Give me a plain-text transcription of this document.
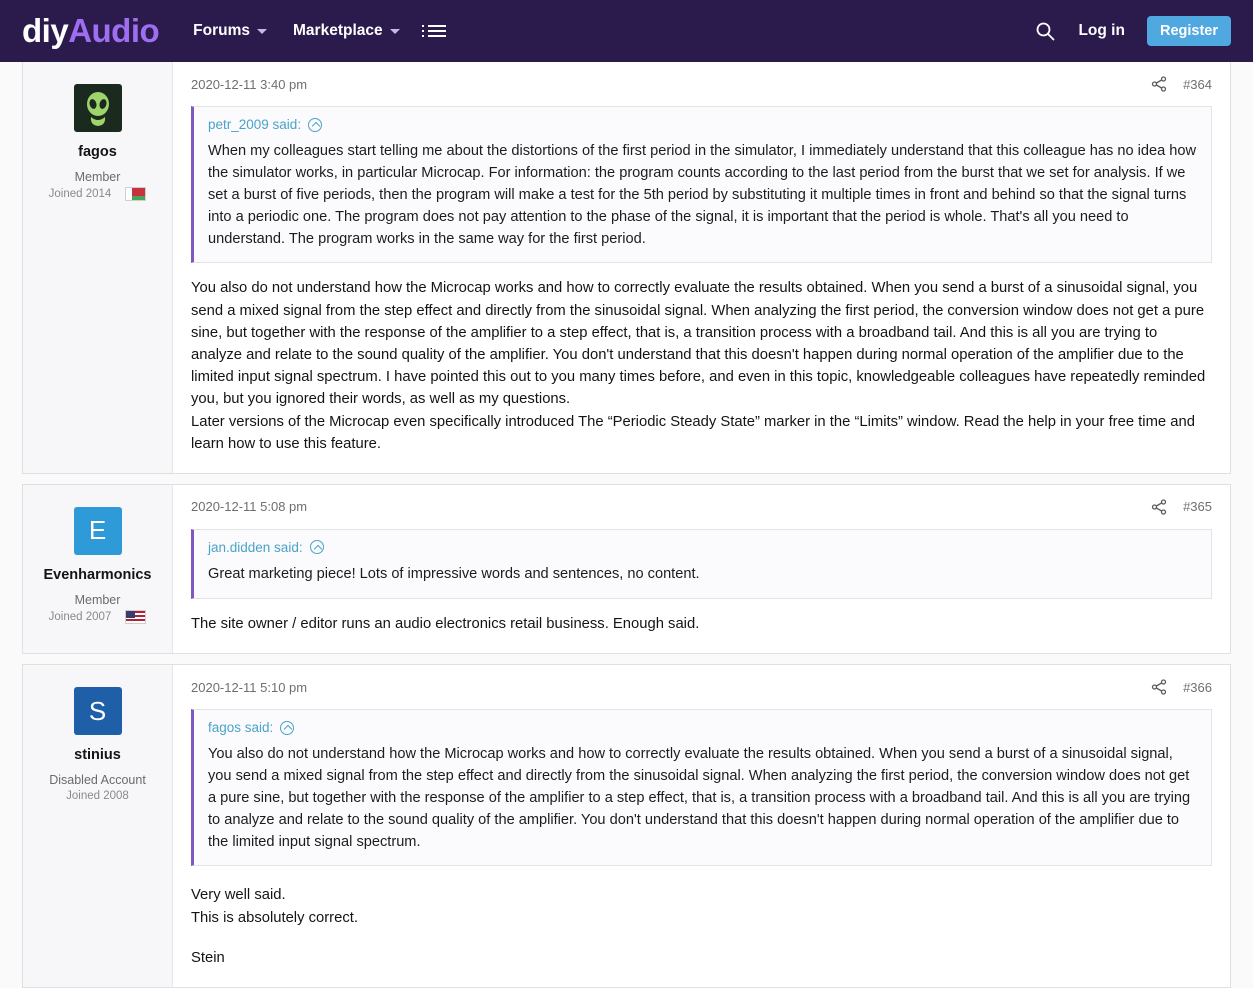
diyAudio Forums	Marketplace	Log in	Register
fagos
Member
Joined 2014
2020-12-11 3:40 pm	#364
petr_2009 said:
When my colleagues start telling me about the distortions of the first period in the simulator, I immediately understand that this colleague has no idea how the simulator works, in particular Microcap. For information: the program counts according to the last period from the burst that we set for analysis. If we set a burst of five periods, then the program will make a test for the 5th period by substituting it multiple times in front and behind so that the signal turns into a periodic one. The program does not pay attention to the phase of the signal, it is important that the period is whole. That's all you need to understand. The program works in the same way for the first period.

You also do not understand how the Microcap works and how to correctly evaluate the results obtained. When you send a burst of a sinusoidal signal, you send a mixed signal from the step effect and directly from the sinusoidal signal. When analyzing the first period, the conversion window does not get a pure sine, but together with the response of the amplifier to a step effect, that is, a transition process with a broadband tail. And this is all you are trying to analyze and relate to the sound quality of the amplifier. You don't understand that this doesn't happen during normal operation of the amplifier due to the limited input signal spectrum. I have pointed this out to you many times before, and even in this topic, knowledgeable colleagues have repeatedly reminded you, but you ignored their words, as well as my questions.

Later versions of the Microcap even specifically introduced The “Periodic Steady State” marker in the “Limits” window. Read the help in your free time and learn how to use this feature.

E
Evenharmonics
Member
Joined 2007
2020-12-11 5:08 pm	#365
jan.didden said:
Great marketing piece! Lots of impressive words and sentences, no content.

The site owner / editor runs an audio electronics retail business. Enough said.

S
stinius
Disabled Account
Joined 2008
2020-12-11 5:10 pm	#366
fagos said:
You also do not understand how the Microcap works and how to correctly evaluate the results obtained. When you send a burst of a sinusoidal signal, you send a mixed signal from the step effect and directly from the sinusoidal signal. When analyzing the first period, the conversion window does not get a pure sine, but together with the response of the amplifier to a step effect, that is, a transition process with a broadband tail. And this is all you are trying to analyze and relate to the sound quality of the amplifier. You don't understand that this doesn't happen during normal operation of the amplifier due to the limited input signal spectrum.

Very well said.

This is absolutely correct.

Stein
